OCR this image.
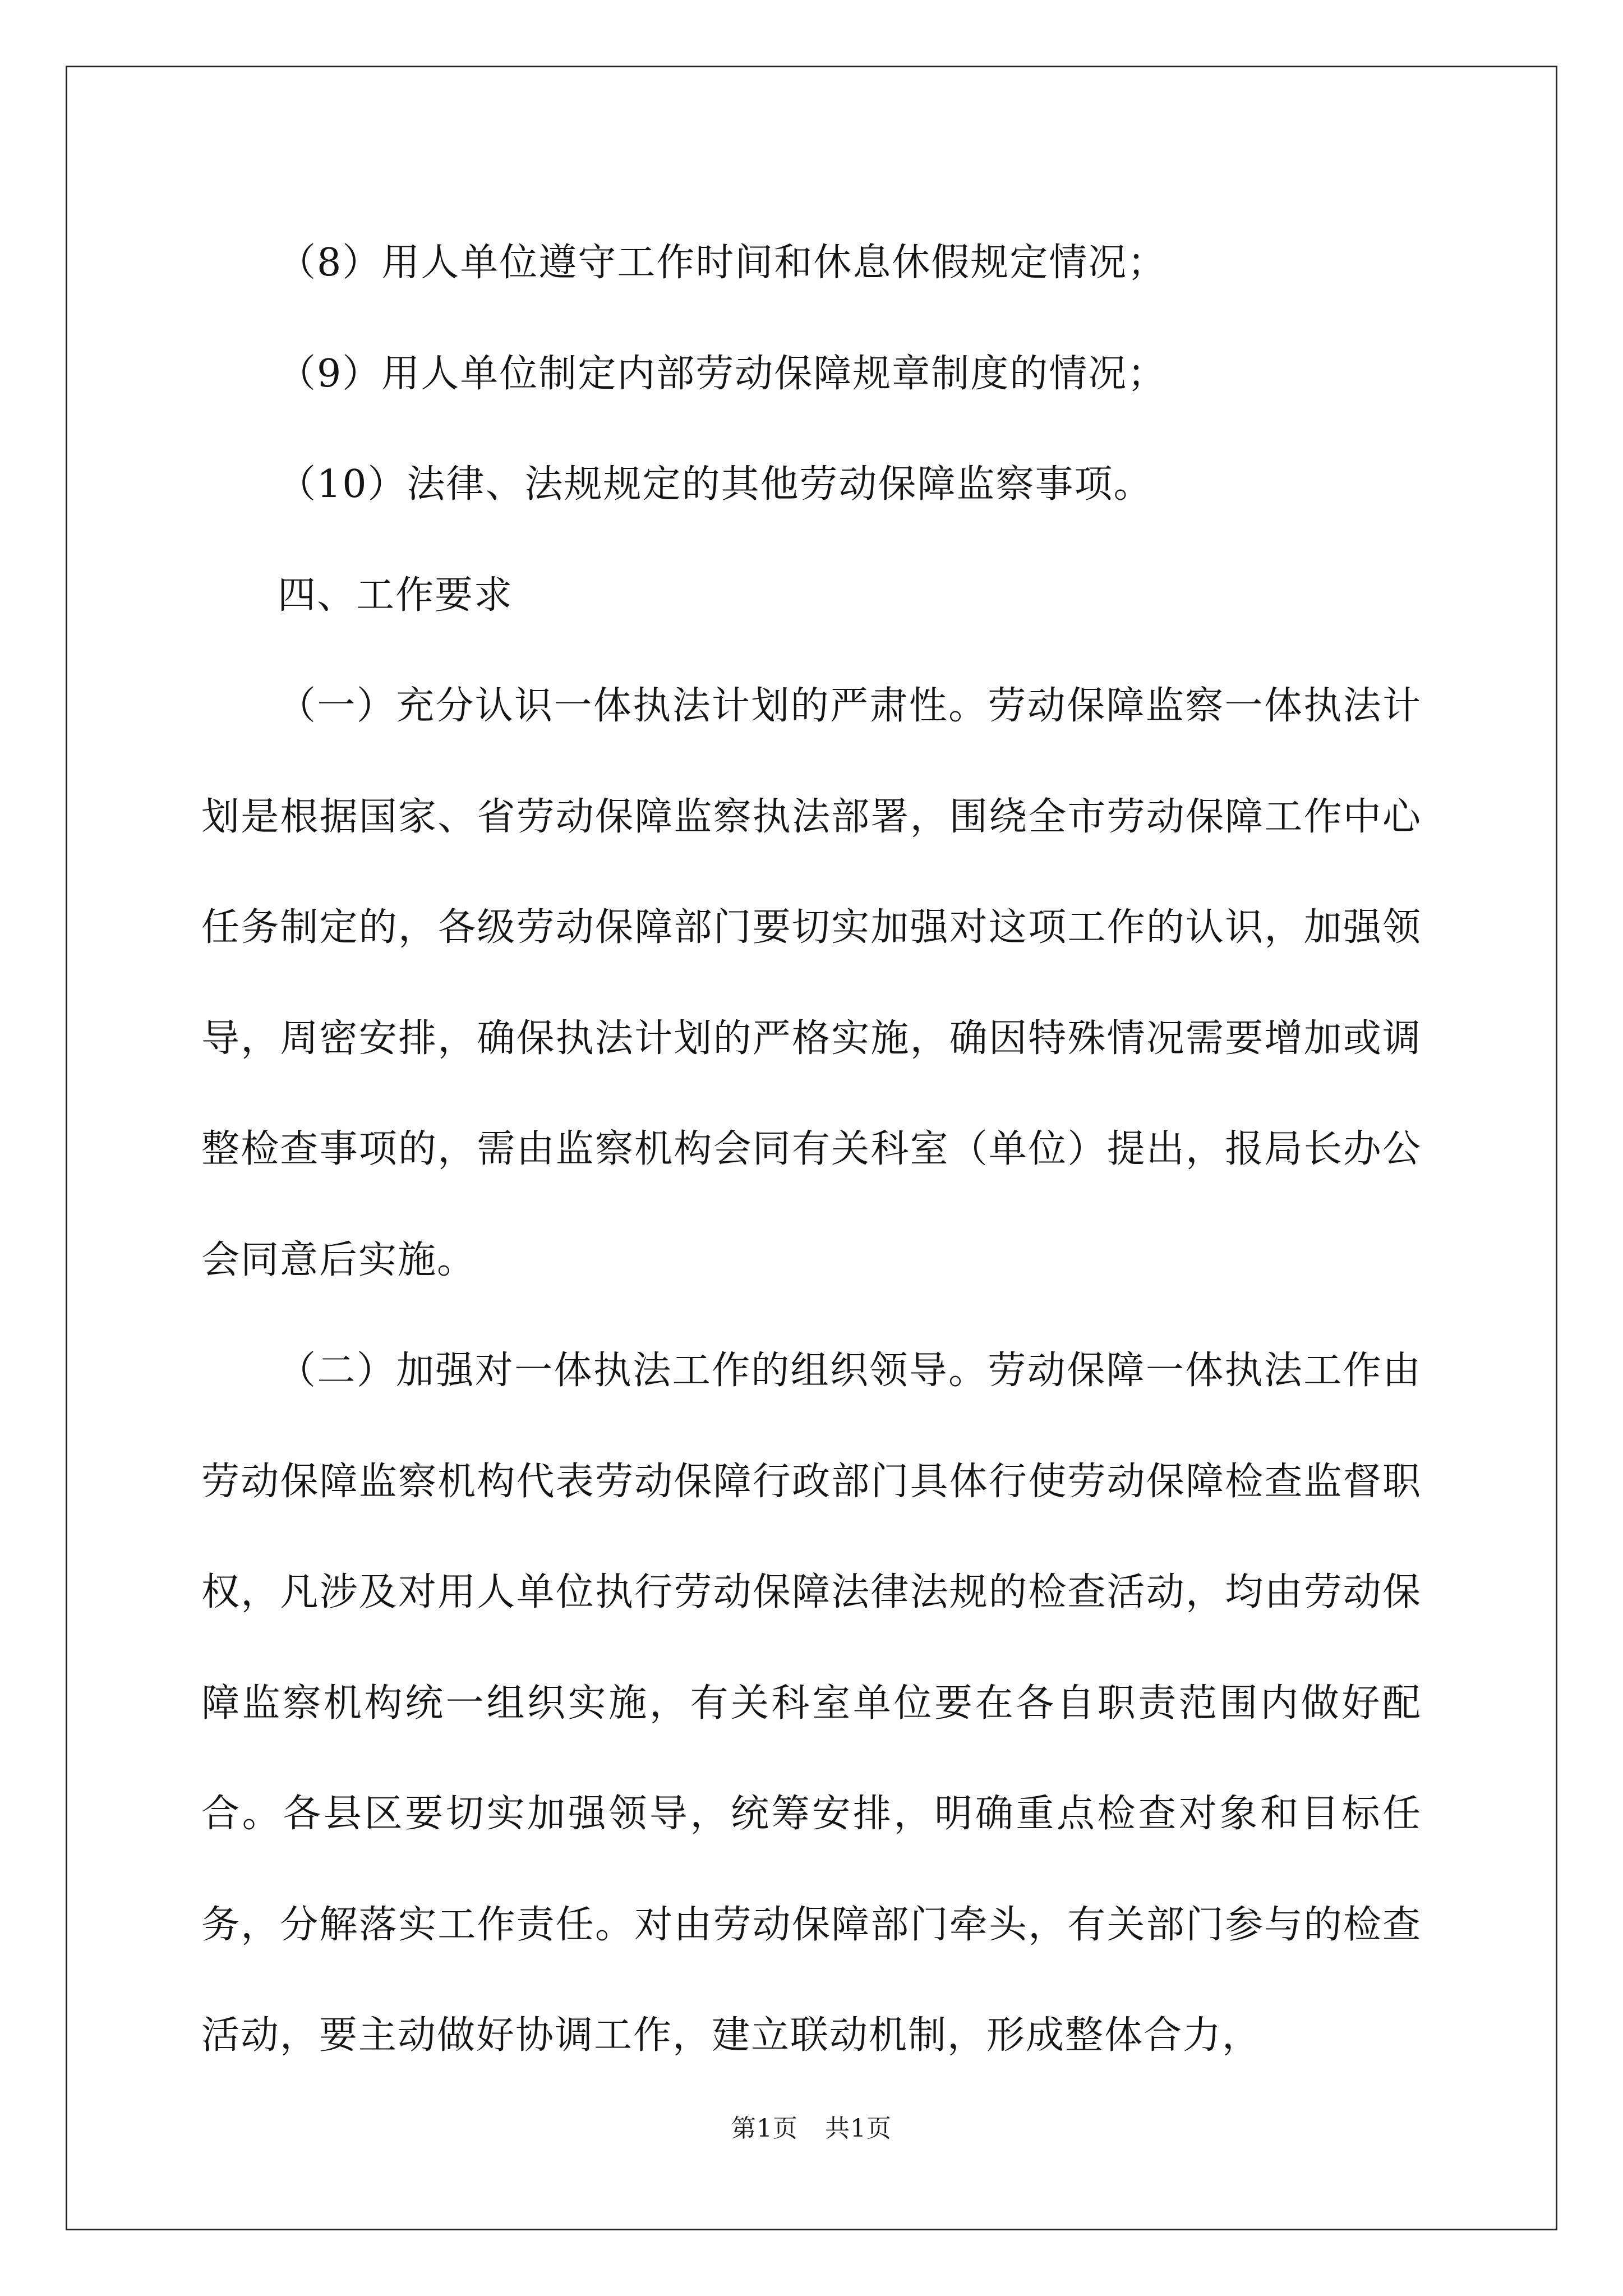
（8）用人单位遵守工作时间和休息休假规定情况；

（9）用人单位制定内部劳动保障规章制度的情况；

（10）法律、法规规定的其他劳动保障监察事项。

四、工作要求

（一）充分认识一体执法计划的严肃性。劳动保障监察一体执法计划是根据国家、省劳动保障监察执法部署，围绕全市劳动保障工作中心任务制定的，各级劳动保障部门要切实加强对这项工作的认识，加强领导，周密安排，确保执法计划的严格实施，确因特殊情况需要增加或调整检查事项的，需由监察机构会同有关科室（单位）提出，报局长办公会同意后实施。

（二）加强对一体执法工作的组织领导。劳动保障一体执法工作由劳动保障监察机构代表劳动保障行政部门具体行使劳动保障检查监督职权，凡涉及对用人单位执行劳动保障法律法规的检查活动，均由劳动保障监察机构统一组织实施，有关科室单位要在各自职责范围内做好配合。各县区要切实加强领导，统筹安排，明确重点检查对象和目标任务，分解落实工作责任。对由劳动保障部门牵头，有关部门参与的检查活动，要主动做好协调工作，建立联动机制，形成整体合力，

第1页 共1页
